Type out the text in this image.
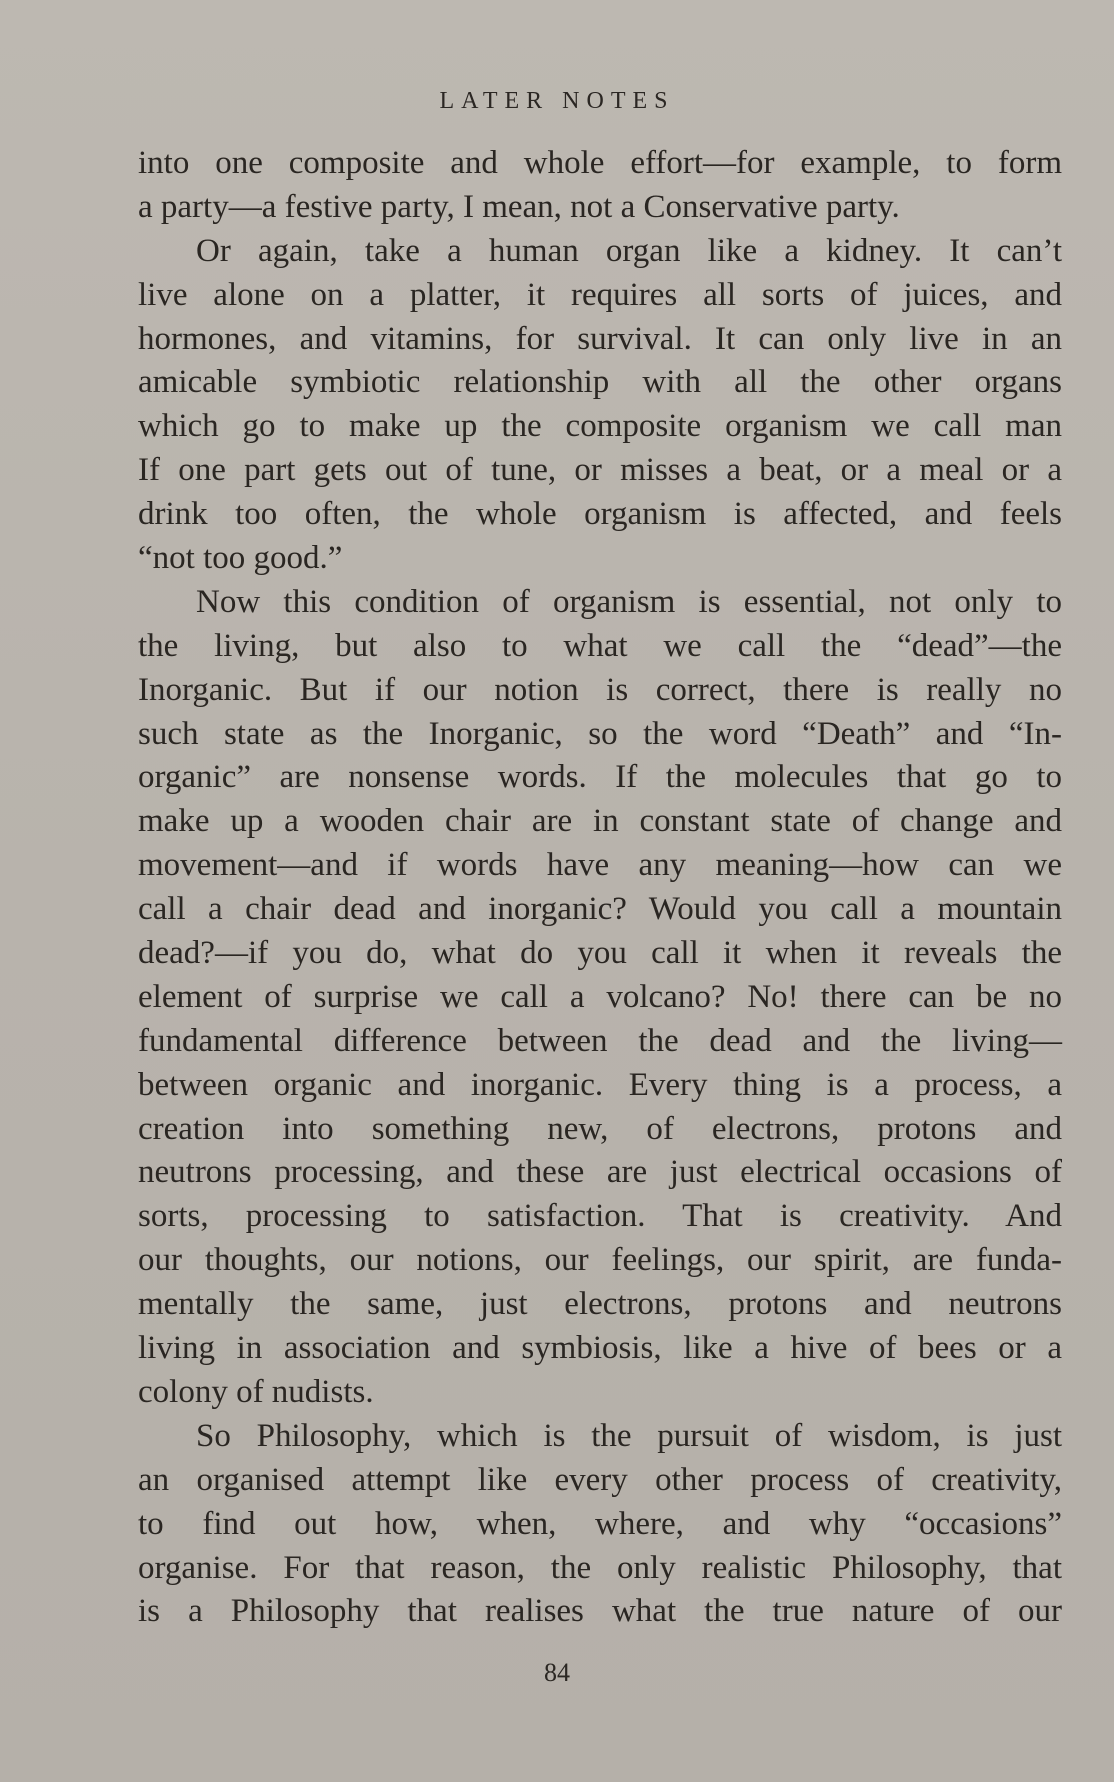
LATER NOTES
into one composite and whole effort—for example, to form
a party—a festive party, I mean, not a Conservative party.
Or again, take a human organ like a kidney. It can’t
live alone on a platter, it requires all sorts of juices, and
hormones, and vitamins, for survival. It can only live in an
amicable symbiotic relationship with all the other organs
which go to make up the composite organism we call man
If one part gets out of tune, or misses a beat, or a meal or a
drink too often, the whole organism is affected, and feels
“not too good.”
Now this condition of organism is essential, not only to
the living, but also to what we call the “dead”—the
Inorganic. But if our notion is correct, there is really no
such state as the Inorganic, so the word “Death” and “In-
organic” are nonsense words. If the molecules that go to
make up a wooden chair are in constant state of change and
movement—and if words have any meaning—how can we
call a chair dead and inorganic? Would you call a mountain
dead?—if you do, what do you call it when it reveals the
element of surprise we call a volcano? No! there can be no
fundamental difference between the dead and the living—
between organic and inorganic. Every thing is a process, a
creation into something new, of electrons, protons and
neutrons processing, and these are just electrical occasions of
sorts, processing to satisfaction. That is creativity. And
our thoughts, our notions, our feelings, our spirit, are funda-
mentally the same, just electrons, protons and neutrons
living in association and symbiosis, like a hive of bees or a
colony of nudists.
So Philosophy, which is the pursuit of wisdom, is just
an organised attempt like every other process of creativity,
to find out how, when, where, and why “occasions”
organise. For that reason, the only realistic Philosophy, that
is a Philosophy that realises what the true nature of our
84
